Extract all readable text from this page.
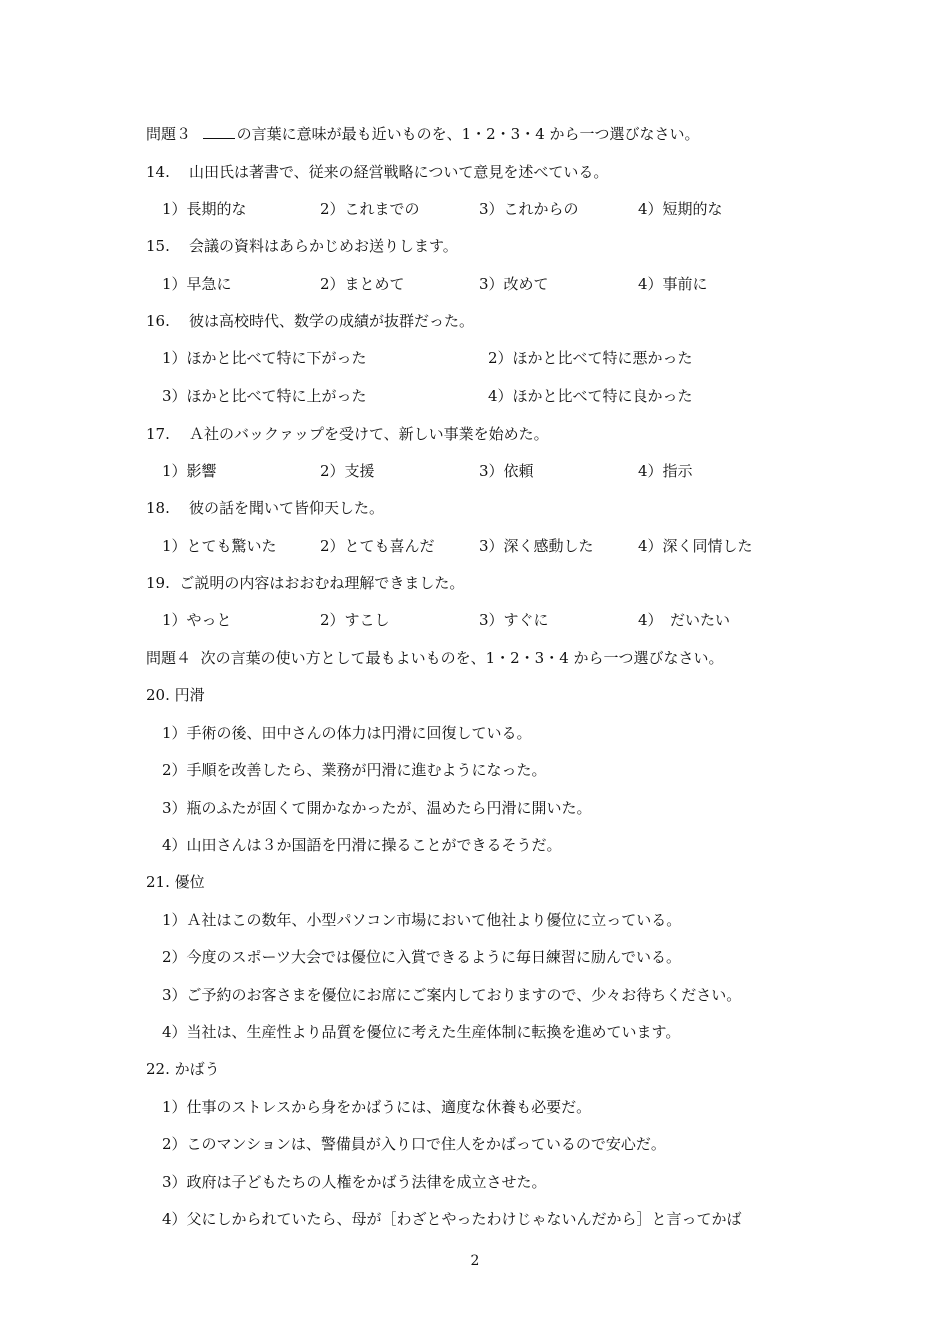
問題３	の言葉に意味が最も近いものを、1・2・3・4 から一つ選びなさい。
14. 山田氏は著書で、従来の経営戦略について意見を述べている。
1）長期的な	2）これまでの	3）これからの	4）短期的な
15. 会議の資料はあらかじめお送りします。
1）早急に	2）まとめて	3）改めて	4）事前に
16. 彼は高校時代、数学の成績が抜群だった。
1）ほかと比べて特に下がった	2）ほかと比べて特に悪かった
3）ほかと比べて特に上がった	4）ほかと比べて特に良かった
17. Ａ社のバックァップを受けて、新しい事業を始めた。
1）影響	2）支援	3）依頼	4）指示
18. 彼の話を聞いて皆仰天した。
1）とても驚いた	2）とても喜んだ	3）深く感動した	4）深く同情した
19. ご説明の内容はおおむね理解できました。
1）やっと	2）すこし	3）すぐに	4）　だいたい
問題４ 次の言葉の使い方として最もよいものを、1・2・3・4 から一つ選びなさい。
20. 円滑
1）手術の後、田中さんの体力は円滑に回復している。
2）手順を改善したら、業務が円滑に進むようになった。
3）瓶のふたが固くて開かなかったが、温めたら円滑に開いた。
4）山田さんは３か国語を円滑に操ることができるそうだ。
21. 優位
1）Ａ社はこの数年、小型パソコン市場において他社より優位に立っている。
2）今度のスポーツ大会では優位に入賞できるように毎日練習に励んでいる。
3）ご予約のお客さまを優位にお席にご案内しておりますので、少々お待ちください。
4）当社は、生産性より品質を優位に考えた生産体制に転換を進めています。
22. かばう
1）仕事のストレスから身をかばうには、適度な休養も必要だ。
2）このマンションは、警備員が入り口で住人をかばっているので安心だ。
3）政府は子どもたちの人権をかばう法律を成立させた。
4）父にしかられていたら、母が［わざとやったわけじゃないんだから］と言ってかば
2
